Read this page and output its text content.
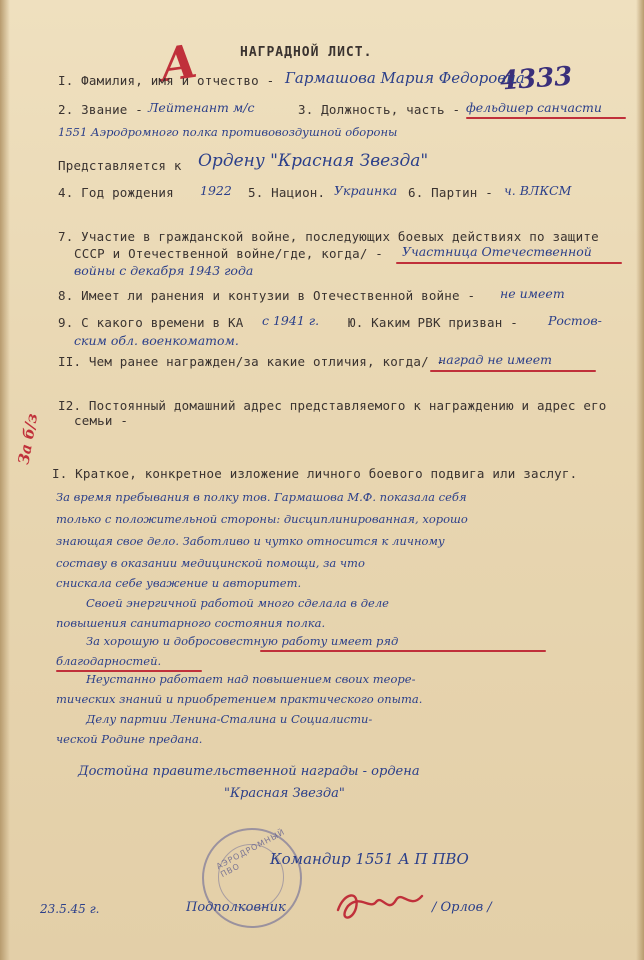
А	4333
За б/з
НАГРАДНОЙ ЛИСТ.
I. Фамилия, имя и отчество - Гармашова Мария Федоровна
2. Звание - Лейтенант м/с	3. Должность, часть - фельдшер санчасти
1551 Аэродромного полка противовоздушной обороны
Представляется к Ордену "Красная Звезда"
4. Год рождения 1922 5. Национ. Украинка 6. Партин - ч. ВЛКСМ
7. Участие в гражданской войне, последующих боевых действиях по защите
СССР и Отечественной войне/где, когда/ - Участница Отечественной
войны с декабря 1943 года
8. Имеет ли ранения и контузии в Отечественной войне - не имеет
9. С какого времени в КА с 1941 г. Ю. Каким РВК призван - Ростов-
ским обл. военкоматом.
II. Чем ранее награжден/за какие отличия, когда/ -
наград не имеет
I2. Постоянный домашний адрес представляемого к награждению и адрес его
семьи -
I. Краткое, конкретное изложение личного боевого подвига или заслуг.
За время пребывания в полку тов. Гармашова М.Ф. показала себя
только с положительной стороны: дисциплинированная, хорошо
знающая свое дело. Заботливо и чутко относится к личному
составу в оказании медицинской помощи, за что
снискала себе уважение и авторитет.
Своей энергичной работой много сделала в деле
повышения санитарного состояния полка.
За хорошую и добросовестную работу имеет ряд
благодарностей.
Неустанно работает над повышением своих теоре-
тических знаний и приобретением практического опыта.
Делу партии Ленина-Сталина и Социалисти-
ческой Родине предана.
Достойна правительственной награды - ордена
"Красная Звезда"
АЭРОДРОМНЫЙ ПВО
Командир 1551 А П ПВО
23.5.45 г.	Подполковник	/ Орлов /
